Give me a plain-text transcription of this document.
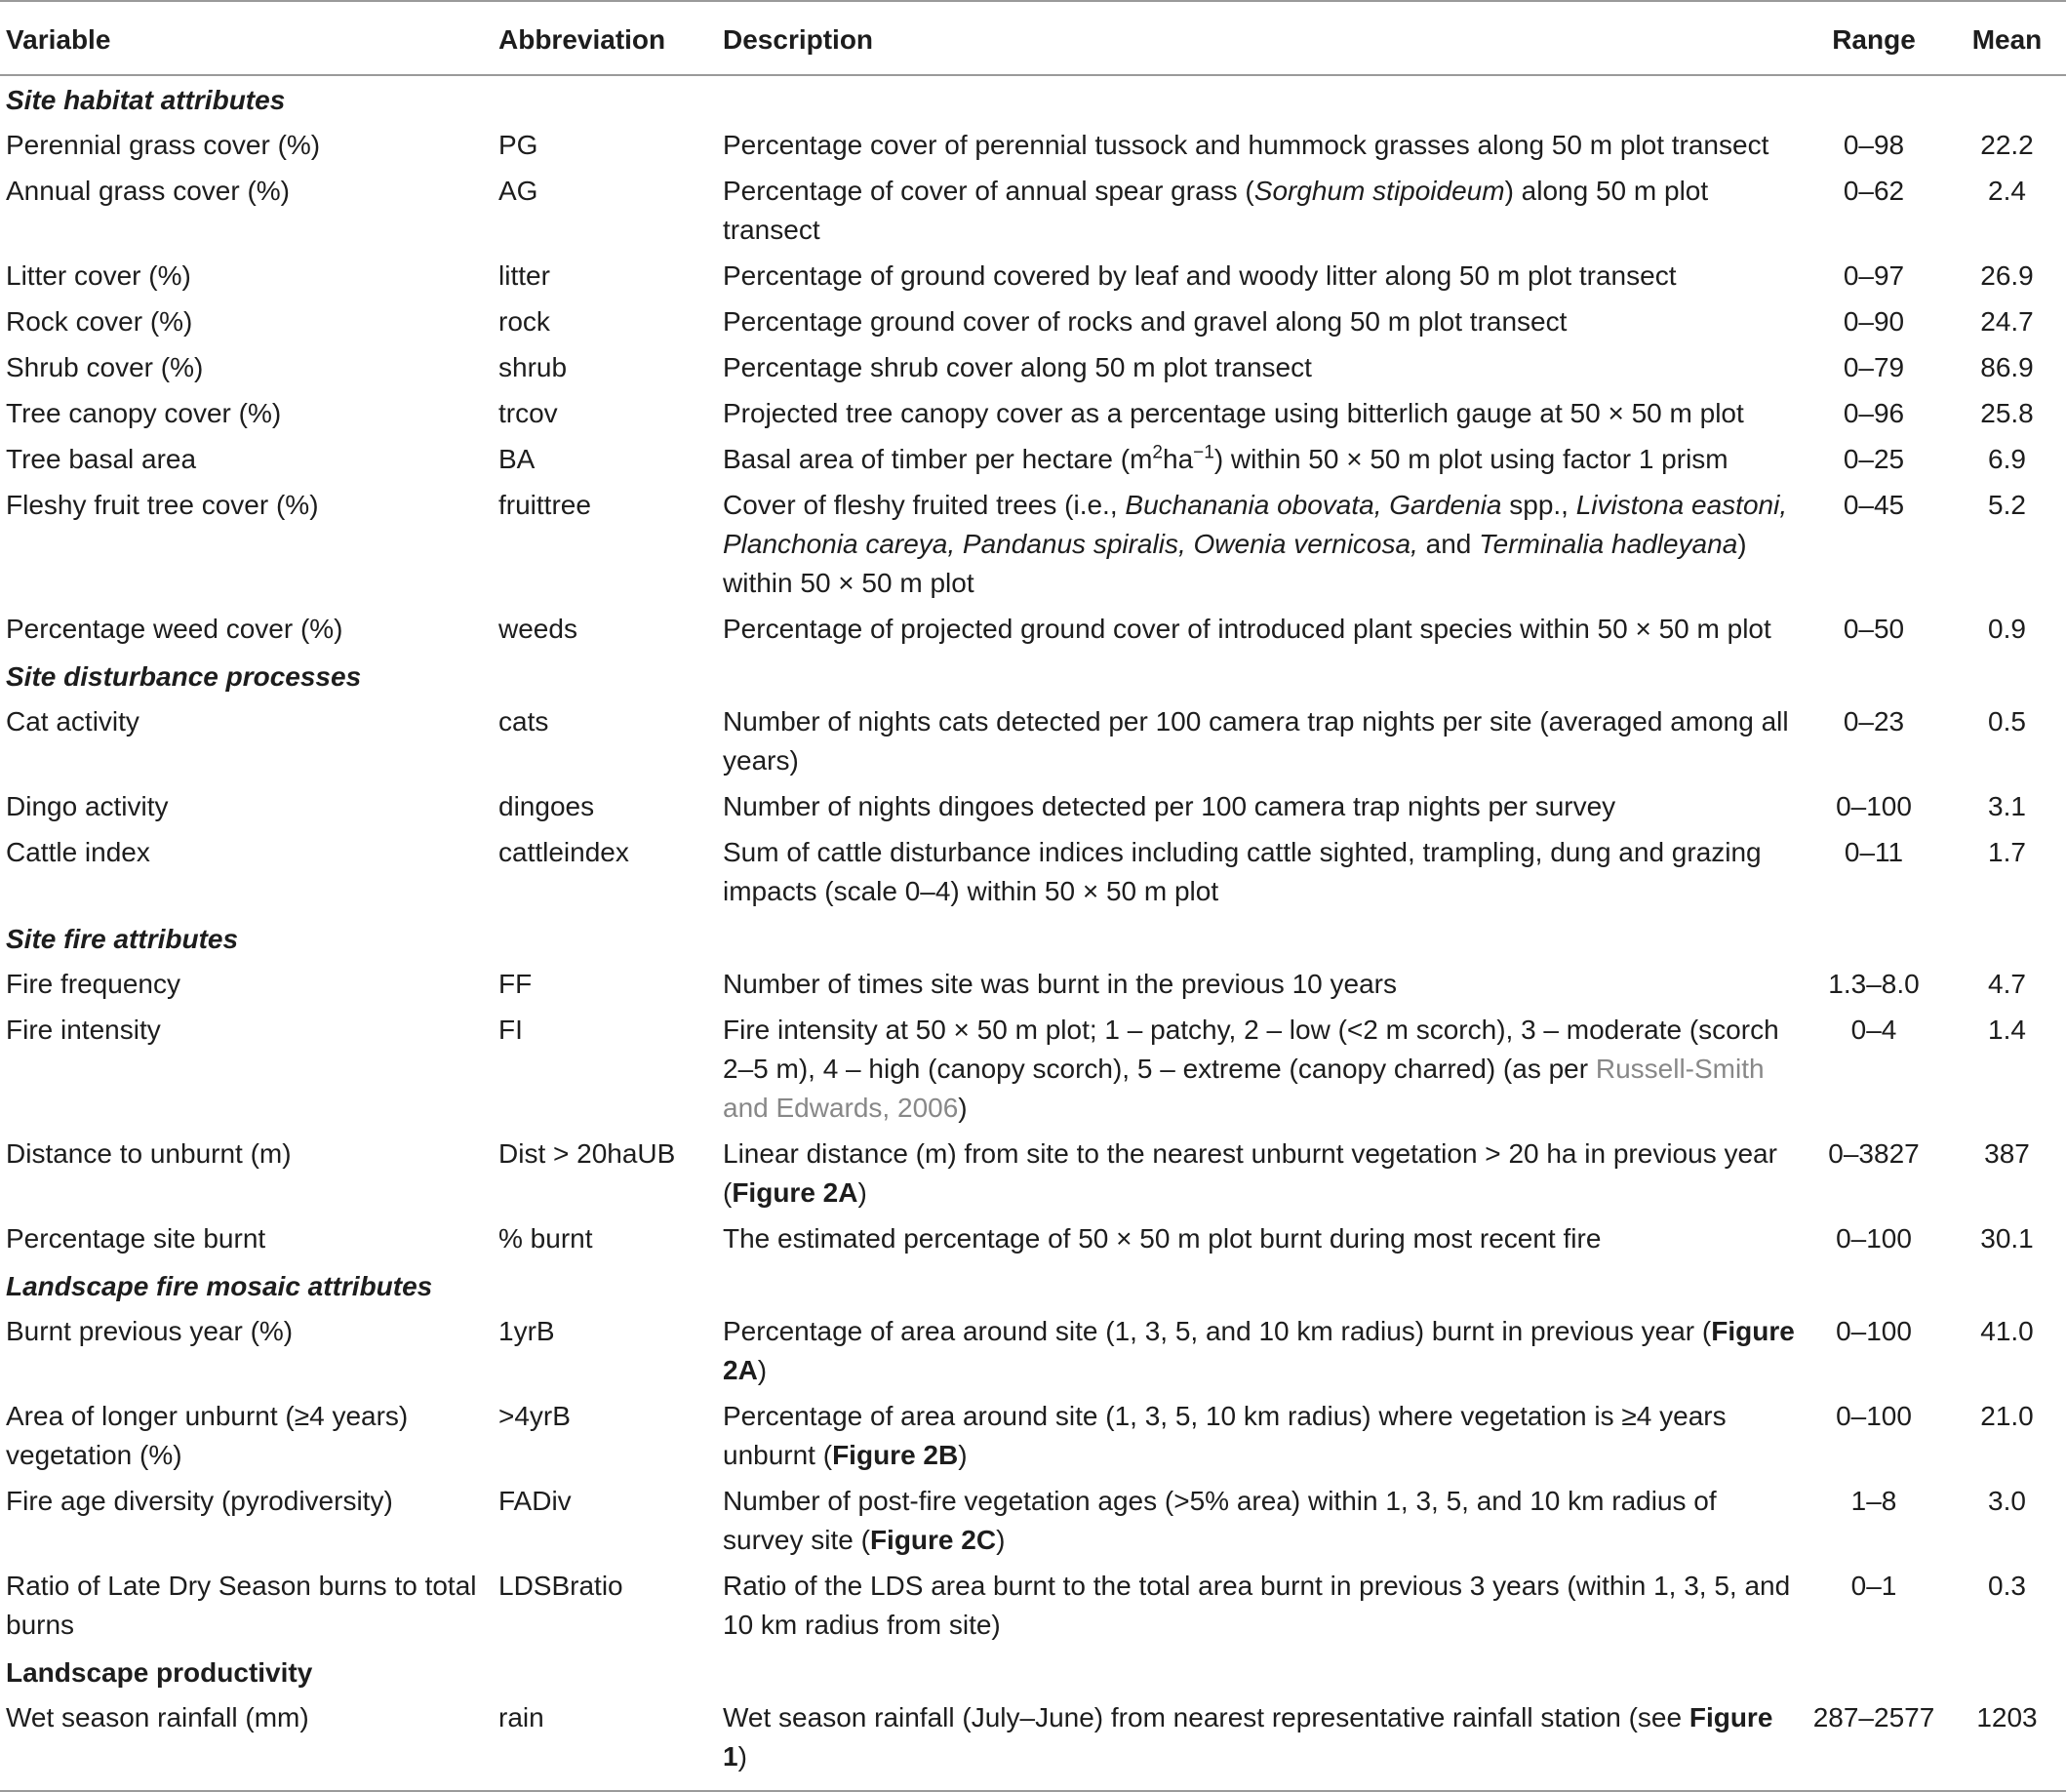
Variable	Abbreviation	Description	Range	Mean
Site habitat attributes				
Perennial grass cover (%)	PG	Percentage cover of perennial tussock and hummock grasses along 50 m plot transect	0–98	22.2
Annual grass cover (%)	AG	Percentage of cover of annual spear grass (Sorghum stipoideum) along 50 m plot transect	0–62	2.4
Litter cover (%)	litter	Percentage of ground covered by leaf and woody litter along 50 m plot transect	0–97	26.9
Rock cover (%)	rock	Percentage ground cover of rocks and gravel along 50 m plot transect	0–90	24.7
Shrub cover (%)	shrub	Percentage shrub cover along 50 m plot transect	0–79	86.9
Tree canopy cover (%)	trcov	Projected tree canopy cover as a percentage using bitterlich gauge at 50 × 50 m plot	0–96	25.8
Tree basal area	BA	Basal area of timber per hectare $(m^2ha^{-1})$ within 50 × 50 m plot using factor 1 prism	0–25	6.9
Fleshy fruit tree cover (%)	fruittree	Cover of fleshy fruited trees (i.e., Buchanania obovata, Gardenia spp., Livistona eastoni, Planchonia careya, Pandanus spiralis, Owenia vernicosa, and Terminalia hadleyana) within 50 × 50 m plot	0–45	5.2
Percentage weed cover (%)	weeds	Percentage of projected ground cover of introduced plant species within 50 × 50 m plot	0–50	0.9
Site disturbance processes				
Cat activity	cats	Number of nights cats detected per 100 camera trap nights per site (averaged among all years)	0–23	0.5
Dingo activity	dingoes	Number of nights dingoes detected per 100 camera trap nights per survey	0–100	3.1
Cattle index	cattleindex	Sum of cattle disturbance indices including cattle sighted, trampling, dung and grazing impacts (scale 0–4) within 50 × 50 m plot	0–11	1.7
Site fire attributes				
Fire frequency	FF	Number of times site was burnt in the previous 10 years	1.3–8.0	4.7
Fire intensity	FI	Fire intensity at 50 × 50 m plot; 1 – patchy, 2 – low (<2 m scorch), 3 – moderate (scorch 2–5 m), 4 – high (canopy scorch), 5 – extreme (canopy charred) (as per Russell-Smith and Edwards, 2006)	0–4	1.4
Distance to unburnt (m)	Dist > 20haUB	Linear distance (m) from site to the nearest unburnt vegetation > 20 ha in previous year (Figure 2A)	0–3827	387
Percentage site burnt	% burnt	The estimated percentage of 50 × 50 m plot burnt during most recent fire	0–100	30.1
Landscape fire mosaic attributes				
Burnt previous year (%)	1yrB	Percentage of area around site (1, 3, 5, and 10 km radius) burnt in previous year (Figure 2A)	0–100	41.0
Area of longer unburnt (≥4 years) vegetation (%)	>4yrB	Percentage of area around site (1, 3, 5, 10 km radius) where vegetation is ≥4 years unburnt (Figure 2B)	0–100	21.0
Fire age diversity (pyrodiversity)	FADiv	Number of post-fire vegetation ages (>5% area) within 1, 3, 5, and 10 km radius of survey site (Figure 2C)	1–8	3.0
Ratio of Late Dry Season burns to total burns	LDSBratio	Ratio of the LDS area burnt to the total area burnt in previous 3 years (within 1, 3, 5, and 10 km radius from site)	0–1	0.3
Landscape productivity				
Wet season rainfall (mm)	rain	Wet season rainfall (July–June) from nearest representative rainfall station (see Figure 1)	287–2577	1203
